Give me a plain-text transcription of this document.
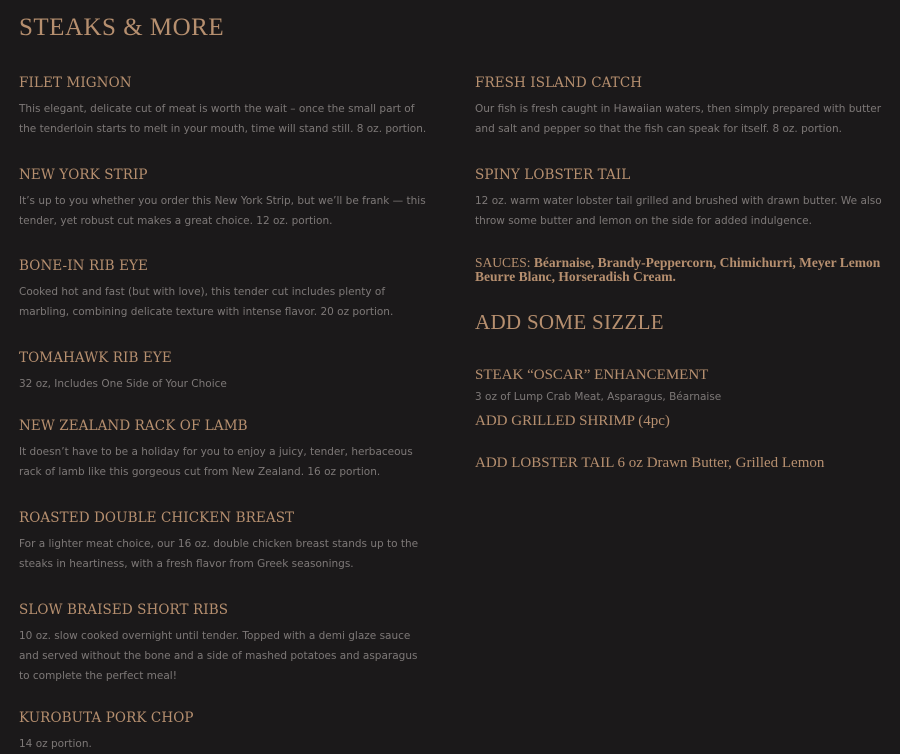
STEAKS & MORE
FILET MIGNON

This elegant, delicate cut of meat is worth the wait – once the small part of the tenderloin starts to melt in your mouth, time will stand still. 8 oz. portion.

NEW YORK STRIP

It’s up to you whether you order this New York Strip, but we’ll be frank — this tender, yet robust cut makes a great choice. 12 oz. portion.

BONE-IN RIB EYE

Cooked hot and fast (but with love), this tender cut includes plenty of marbling, combining delicate texture with intense flavor. 20 oz portion.

TOMAHAWK RIB EYE

32 oz, Includes One Side of Your Choice

NEW ZEALAND RACK OF LAMB

It doesn’t have to be a holiday for you to enjoy a juicy, tender, herbaceous rack of lamb like this gorgeous cut from New Zealand. 16 oz portion.

ROASTED DOUBLE CHICKEN BREAST

For a lighter meat choice, our 16 oz. double chicken breast stands up to the steaks in heartiness, with a fresh flavor from Greek seasonings.

SLOW BRAISED SHORT RIBS

10 oz. slow cooked overnight until tender. Topped with a demi glaze sauce and served without the bone and a side of mashed potatoes and asparagus to complete the perfect meal!

KUROBUTA PORK CHOP

14 oz portion.

FRESH ISLAND CATCH

Our fish is fresh caught in Hawaiian waters, then simply prepared with butter and salt and pepper so that the fish can speak for itself. 8 oz. portion.

SPINY LOBSTER TAIL

12 oz. warm water lobster tail grilled and brushed with drawn butter. We also throw some butter and lemon on the side for added indulgence.

SAUCES: Béarnaise, Brandy-Peppercorn, Chimichurri, Meyer Lemon Beurre Blanc, Horseradish Cream.

ADD SOME SIZZLE
STEAK “OSCAR” ENHANCEMENT

3 oz of Lump Crab Meat, Asparagus, Béarnaise

ADD GRILLED SHRIMP (4pc)
ADD LOBSTER TAIL 6 oz Drawn Butter, Grilled Lemon
